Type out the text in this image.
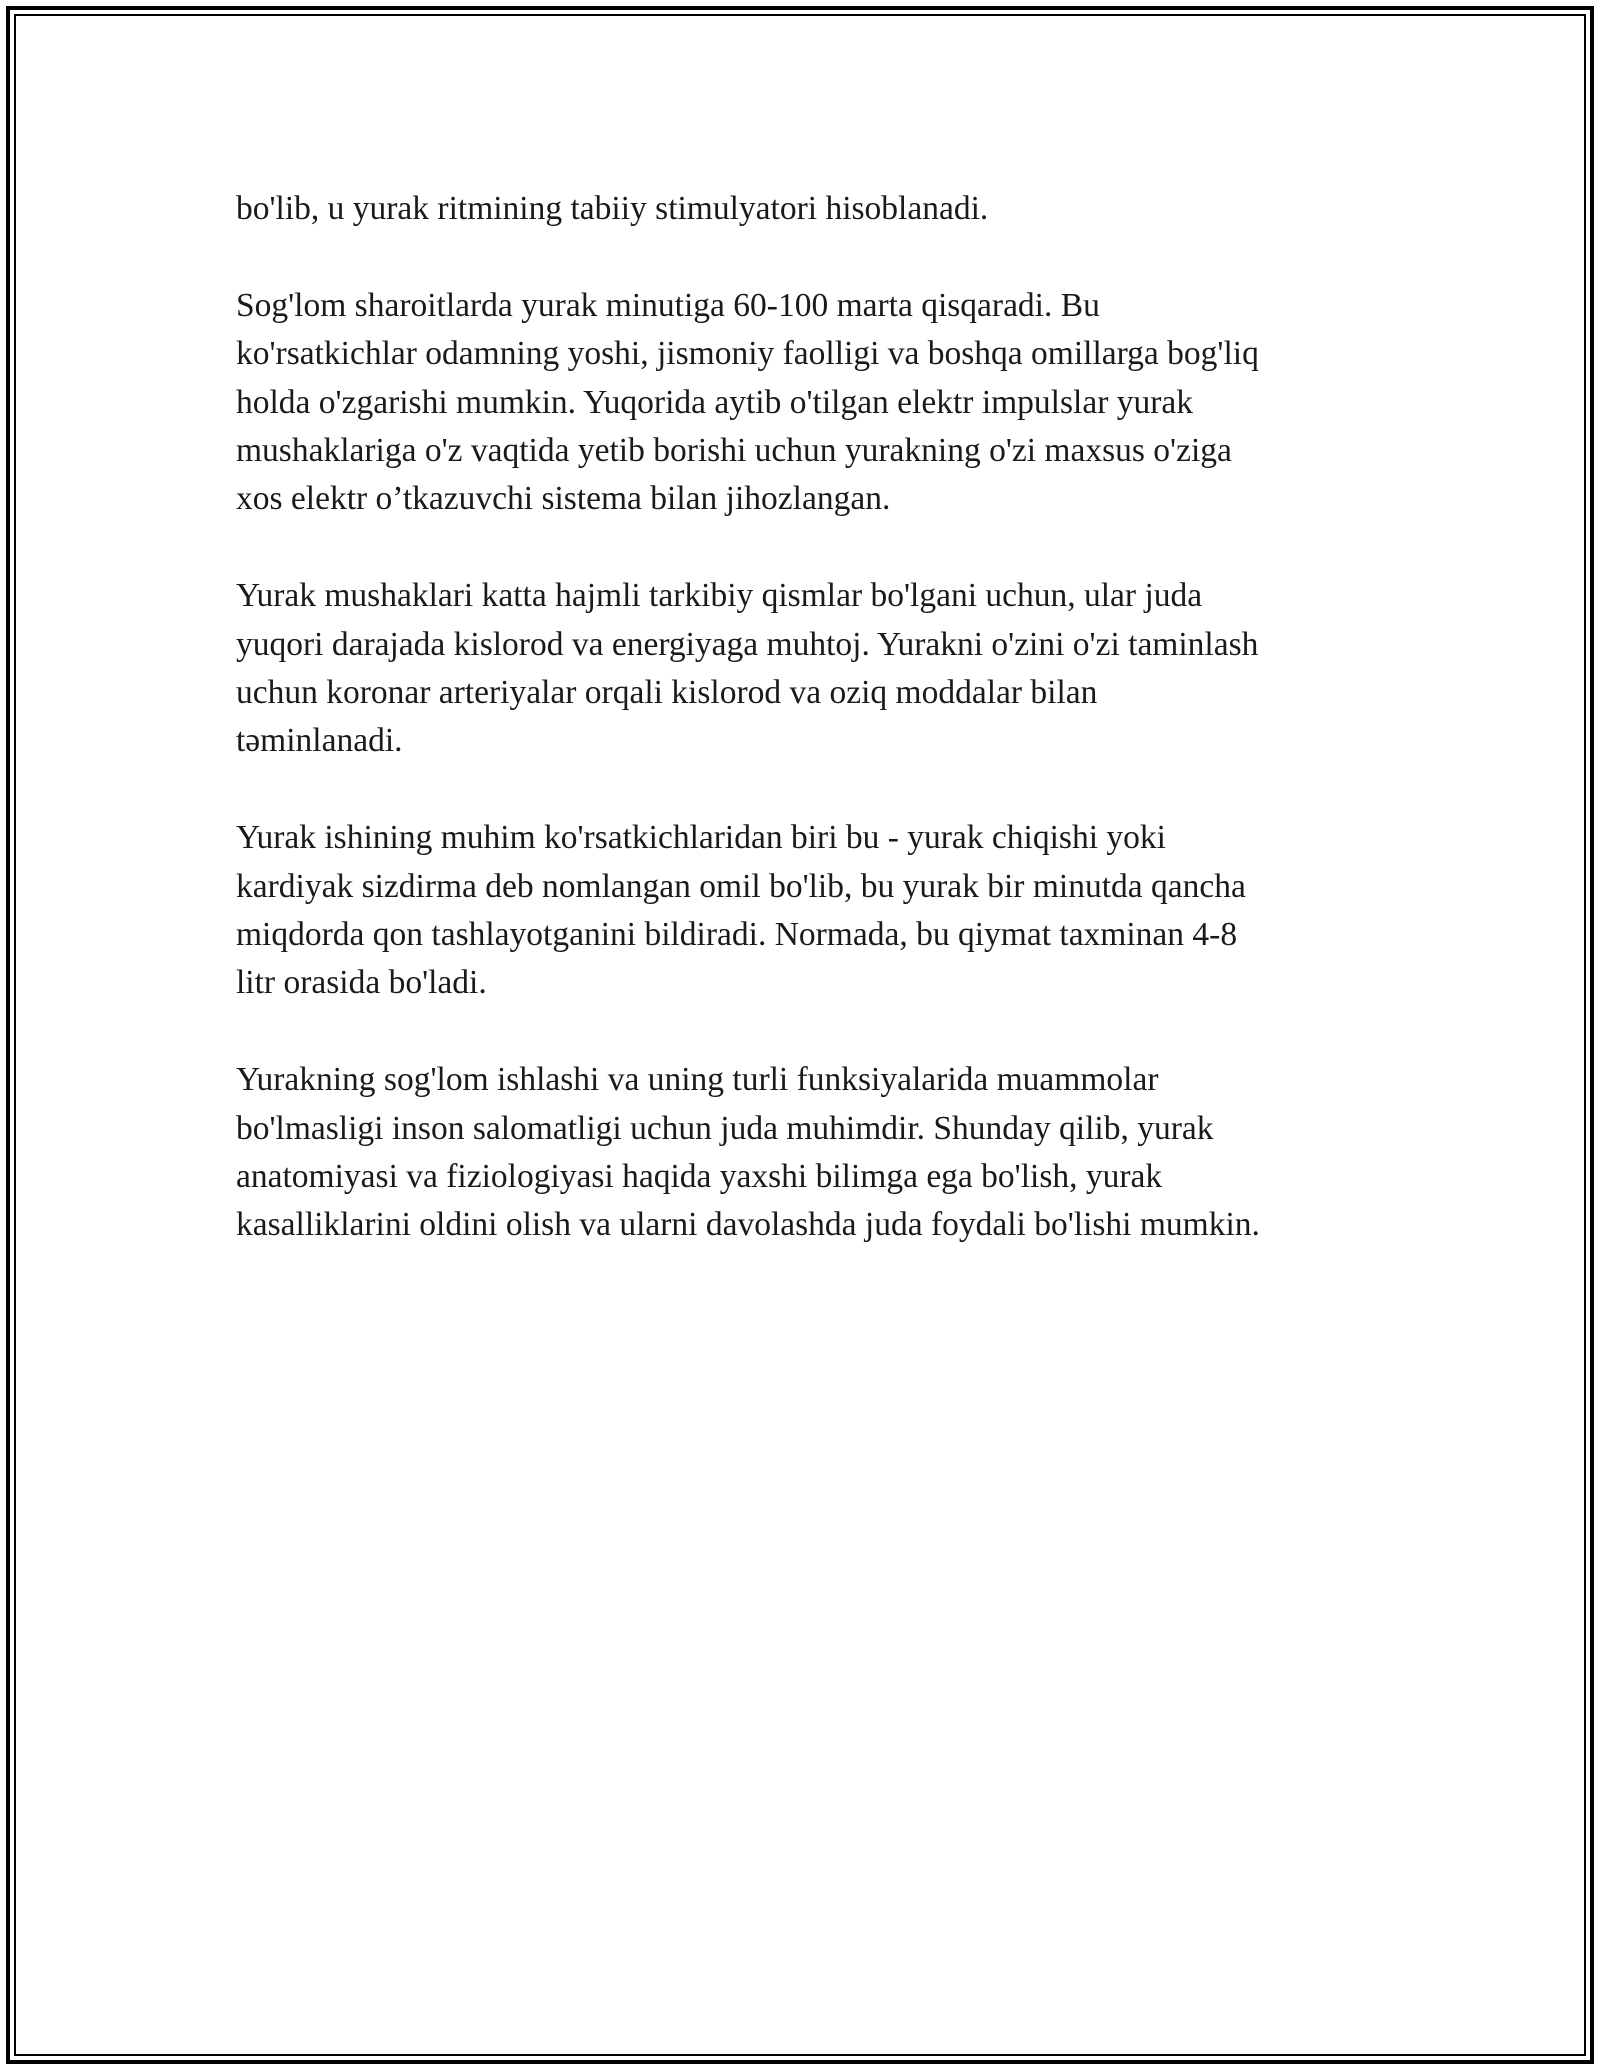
bo'lib, u yurak ritmining tabiiy stimulyatori hisoblanadi.

Sog'lom sharoitlarda yurak minutiga 60-100 marta qisqaradi. Bu
ko'rsatkichlar odamning yoshi, jismoniy faolligi va boshqa omillarga bog'liq
holda o'zgarishi mumkin. Yuqorida aytib o'tilgan elektr impulslar yurak
mushaklariga o'z vaqtida yetib borishi uchun yurakning o'zi maxsus o'ziga
xos elektr o’tkazuvchi sistema bilan jihozlangan.

Yurak mushaklari katta hajmli tarkibiy qismlar bo'lgani uchun, ular juda
yuqori darajada kislorod va energiyaga muhtoj. Yurakni o'zini o'zi taminlash
uchun koronar arteriyalar orqali kislorod va oziq moddalar bilan
təminlanadi.

Yurak ishining muhim ko'rsatkichlaridan biri bu - yurak chiqishi yoki
kardiyak sizdirma deb nomlangan omil bo'lib, bu yurak bir minutda qancha
miqdorda qon tashlayotganini bildiradi. Normada, bu qiymat taxminan 4-8
litr orasida bo'ladi.

Yurakning sog'lom ishlashi va uning turli funksiyalarida muammolar
bo'lmasligi inson salomatligi uchun juda muhimdir. Shunday qilib, yurak
anatomiyasi va fiziologiyasi haqida yaxshi bilimga ega bo'lish, yurak
kasalliklarini oldini olish va ularni davolashda juda foydali bo'lishi mumkin.
